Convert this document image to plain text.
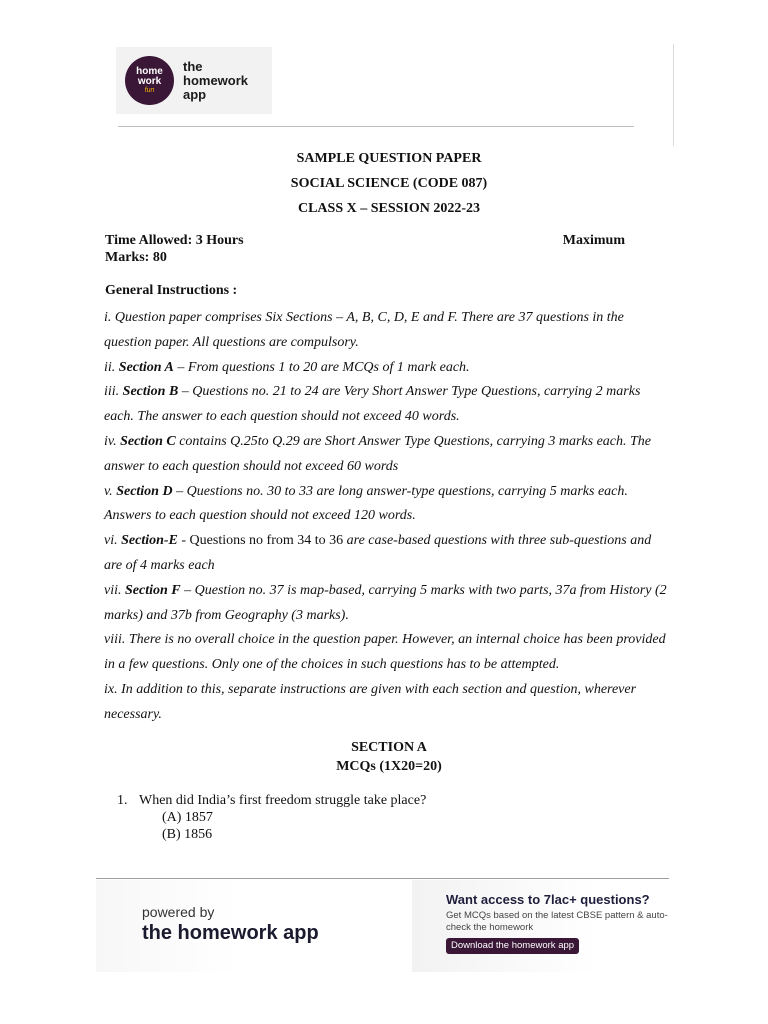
home
work
fun
the
homework
app
SAMPLE QUESTION PAPER
SOCIAL SCIENCE (CODE 087)
CLASS X – SESSION 2022-23
Time Allowed: 3 Hours	Maximum
Marks: 80
General Instructions :

i. Question paper comprises Six Sections – A, B, C, D, E and F. There are 37 questions in the question paper. All questions are compulsory.

ii. Section A – From questions 1 to 20 are MCQs of 1 mark each.

iii. Section B – Questions no. 21 to 24 are Very Short Answer Type Questions, carrying 2 marks each. The answer to each question should not exceed 40 words.

iv. Section C contains Q.25to Q.29 are Short Answer Type Questions, carrying 3 marks each. The answer to each question should not exceed 60 words

v. Section D – Questions no. 30 to 33 are long answer-type questions, carrying 5 marks each. Answers to each question should not exceed 120 words.

vi. Section-E - Questions no from 34 to 36 are case-based questions with three sub-questions and are of 4 marks each

vii. Section F – Question no. 37 is map-based, carrying 5 marks with two parts, 37a from History (2 marks) and 37b from Geography (3 marks).

viii. There is no overall choice in the question paper. However, an internal choice has been provided in a few questions. Only one of the choices in such questions has to be attempted.

ix. In addition to this, separate instructions are given with each section and question, wherever necessary.

SECTION A
MCQs (1X20=20)
1. When did India’s first freedom struggle take place?
(A) 1857
(B) 1856
powered by
the homework app
Want access to 7lac+ questions?
Get MCQs based on the latest CBSE pattern & auto-check the homework
Download the homework app
